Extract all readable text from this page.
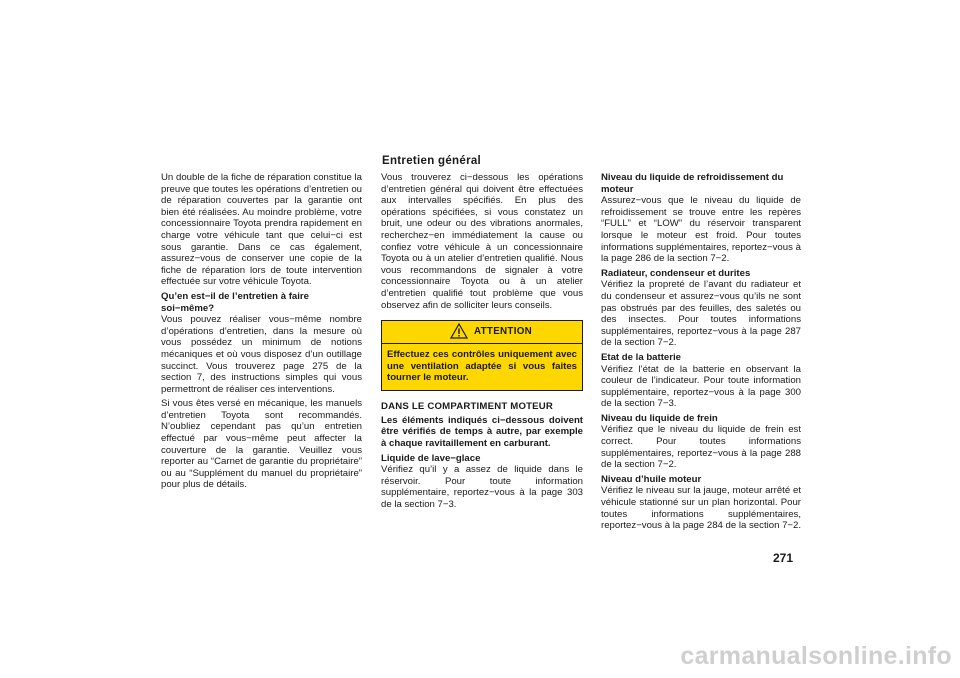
Entretien général

Un double de la fiche de réparation constitue la preuve que toutes les opérations d’entretien ou de réparation couvertes par la garantie ont bien été réalisées. Au moindre problème, votre concessionnaire Toyota prendra rapidement en charge votre véhicule tant que celui−ci est sous garantie. Dans ce cas également, assurez−vous de conserver une copie de la fiche de réparation lors de toute intervention effectuée sur votre véhicule Toyota.

Qu’en est−il de l’entretien à faire soi−même?

Vous pouvez réaliser vous−même nombre d’opérations d’entretien, dans la mesure où vous possédez un minimum de notions mécaniques et où vous disposez d’un outillage succinct. Vous trouverez page 275 de la section 7, des instructions simples qui vous permettront de réaliser ces interventions.

Si vous êtes versé en mécanique, les manuels d’entretien Toyota sont recommandés. N’oubliez cependant pas qu’un entretien effectué par vous−même peut affecter la couverture de la garantie. Veuillez vous reporter au “Carnet de garantie du propriétaire” ou au “Supplément du manuel du propriétaire” pour plus de détails.

Vous trouverez ci−dessous les opérations d’entretien général qui doivent être effectuées aux intervalles spécifiés. En plus des opérations spécifiées, si vous constatez un bruit, une odeur ou des vibrations anormales, recherchez−en immédiatement la cause ou confiez votre véhicule à un concessionnaire Toyota ou à un atelier d’entretien qualifié. Nous vous recommandons de signaler à votre concessionnaire Toyota ou à un atelier d’entretien qualifié tout problème que vous observez afin de solliciter leurs conseils.

ATTENTION
Effectuez ces contrôles uniquement avec une ventilation adaptée si vous faites tourner le moteur.
DANS LE COMPARTIMENT MOTEUR
Les éléments indiqués ci−dessous doivent être vérifiés de temps à autre, par exemple à chaque ravitaillement en carburant.
Liquide de lave−glace

Vérifiez qu’il y a assez de liquide dans le réservoir. Pour toute information supplémentaire, reportez−vous à la page 303 de la section 7−3.

Niveau du liquide de refroidissement du moteur

Assurez−vous que le niveau du liquide de refroidissement se trouve entre les repères “FULL” et “LOW” du réservoir transparent lorsque le moteur est froid. Pour toutes informations supplémentaires, reportez−vous à la page 286 de la section 7−2.

Radiateur, condenseur et durites

Vérifiez la propreté de l’avant du radiateur et du condenseur et assurez−vous qu’ils ne sont pas obstrués par des feuilles, des saletés ou des insectes. Pour toutes informations supplémentaires, reportez−vous à la page 287 de la section 7−2.

Etat de la batterie

Vérifiez l’état de la batterie en observant la couleur de l’indicateur. Pour toute information supplémentaire, reportez−vous à la page 300 de la section 7−3.

Niveau du liquide de frein

Vérifiez que le niveau du liquide de frein est correct. Pour toutes informations supplémentaires, reportez−vous à la page 288 de la section 7−2.

Niveau d’huile moteur

Vérifiez le niveau sur la jauge, moteur arrêté et véhicule stationné sur un plan horizontal. Pour toutes informations supplémentaires, reportez−vous à la page 284 de la section 7−2.

271
carmanualsonline.info
